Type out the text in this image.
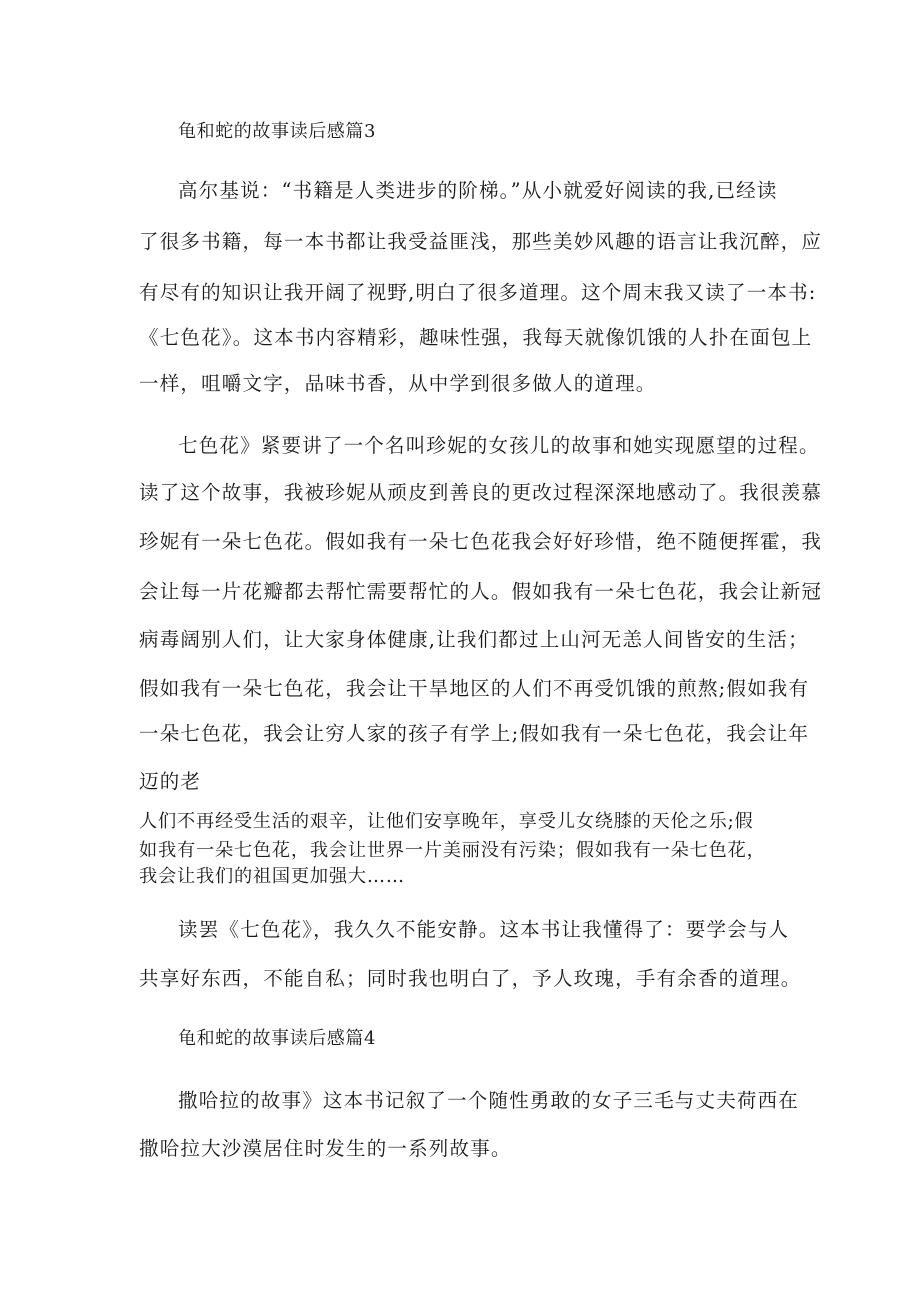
龟和蛇的故事读后感篇3
高尔基说：“书籍是人类进步的阶梯。”从小就爱好阅读的我,已经读
了很多书籍，每一本书都让我受益匪浅，那些美妙风趣的语言让我沉醉，应
有尽有的知识让我开阔了视野,明白了很多道理。这个周末我又读了一本书:
《七色花》。这本书内容精彩，趣味性强，我每天就像饥饿的人扑在面包上
一样，咀嚼文字，品味书香，从中学到很多做人的道理。
七色花》紧要讲了一个名叫珍妮的女孩儿的故事和她实现愿望的过程。
读了这个故事，我被珍妮从顽皮到善良的更改过程深深地感动了。我很羡慕
珍妮有一朵七色花。假如我有一朵七色花我会好好珍惜，绝不随便挥霍，我
会让每一片花瓣都去帮忙需要帮忙的人。假如我有一朵七色花，我会让新冠
病毒阔别人们，让大家身体健康,让我们都过上山河无恙人间皆安的生活；
假如我有一朵七色花，我会让干旱地区的人们不再受饥饿的煎熬;假如我有
一朵七色花，我会让穷人家的孩子有学上;假如我有一朵七色花，我会让年
迈的老
人们不再经受生活的艰辛，让他们安享晚年，享受儿女绕膝的天伦之乐;假
如我有一朵七色花，我会让世界一片美丽没有污染；假如我有一朵七色花，
我会让我们的祖国更加强大……
读罢《七色花》，我久久不能安静。这本书让我懂得了：要学会与人
共享好东西，不能自私；同时我也明白了，予人玫瑰，手有余香的道理。
龟和蛇的故事读后感篇4
撒哈拉的故事》这本书记叙了一个随性勇敢的女子三毛与丈夫荷西在
撒哈拉大沙漠居住时发生的一系列故事。
